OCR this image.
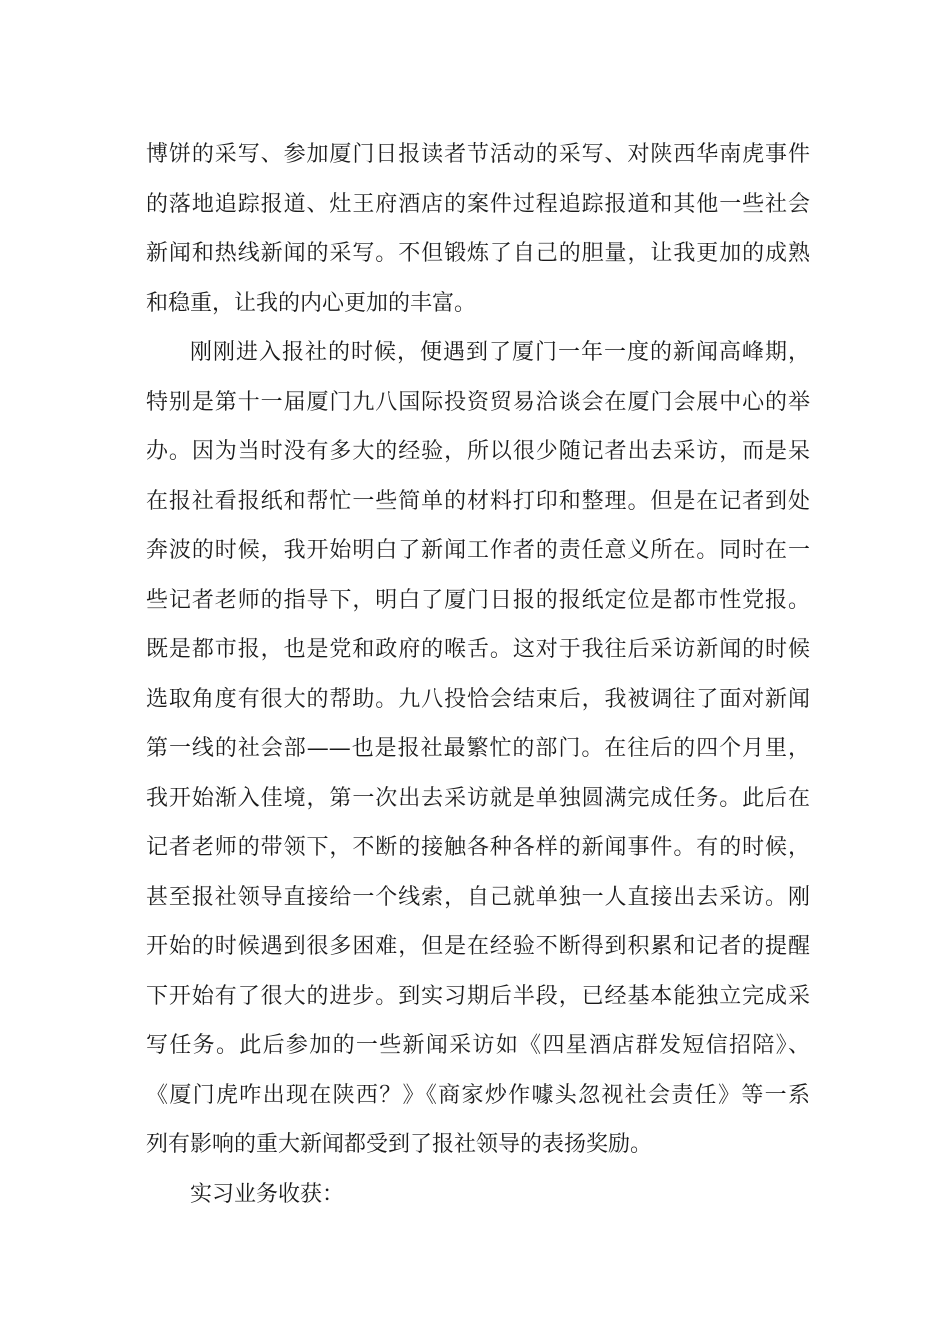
博饼的采写、参加厦门日报读者节活动的采写、对陕西华南虎事件
的落地追踪报道、灶王府酒店的案件过程追踪报道和其他一些社会
新闻和热线新闻的采写。不但锻炼了自己的胆量，让我更加的成熟
和稳重，让我的内心更加的丰富。
刚刚进入报社的时候，便遇到了厦门一年一度的新闻高峰期，
特别是第十一届厦门九八国际投资贸易洽谈会在厦门会展中心的举
办。因为当时没有多大的经验，所以很少随记者出去采访，而是呆
在报社看报纸和帮忙一些简单的材料打印和整理。但是在记者到处
奔波的时候，我开始明白了新闻工作者的责任意义所在。同时在一
些记者老师的指导下，明白了厦门日报的报纸定位是都市性党报。
既是都市报，也是党和政府的喉舌。这对于我往后采访新闻的时候
选取角度有很大的帮助。九八投恰会结束后，我被调往了面对新闻
第一线的社会部——也是报社最繁忙的部门。在往后的四个月里，
我开始渐入佳境，第一次出去采访就是单独圆满完成任务。此后在
记者老师的带领下，不断的接触各种各样的新闻事件。有的时候，
甚至报社领导直接给一个线索，自己就单独一人直接出去采访。刚
开始的时候遇到很多困难，但是在经验不断得到积累和记者的提醒
下开始有了很大的进步。到实习期后半段，已经基本能独立完成采
写任务。此后参加的一些新闻采访如《四星酒店群发短信招陪》、
《厦门虎咋出现在陕西？》《商家炒作噱头忽视社会责任》等一系
列有影响的重大新闻都受到了报社领导的表扬奖励。
实习业务收获：
